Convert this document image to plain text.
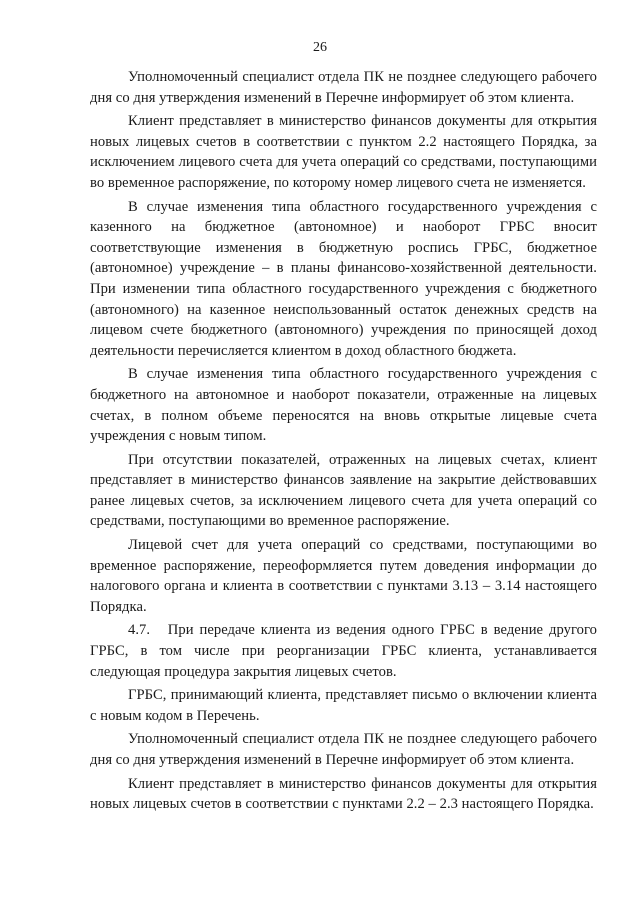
26

Уполномоченный специалист отдела ПК не позднее следующего рабочего дня со дня утверждения изменений в Перечне информирует об этом клиента.

Клиент представляет в министерство финансов документы для открытия новых лицевых счетов в соответствии с пунктом 2.2 настоящего Порядка, за исключением лицевого счета для учета операций со средствами, поступающими во временное распоряжение, по которому номер лицевого счета не изменяется.

В случае изменения типа областного государственного учреждения с казенного на бюджетное (автономное) и наоборот ГРБС вносит соответствующие изменения в бюджетную роспись ГРБС, бюджетное (автономное) учреждение – в планы финансово-хозяйственной деятельности. При изменении типа областного государственного учреждения с бюджетного (автономного) на казенное неиспользованный остаток денежных средств на лицевом счете бюджетного (автономного) учреждения по приносящей доход деятельности перечисляется клиентом в доход областного бюджета.

В случае изменения типа областного государственного учреждения с бюджетного на автономное и наоборот показатели, отраженные на лицевых счетах, в полном объеме переносятся на вновь открытые лицевые счета учреждения с новым типом.

При отсутствии показателей, отраженных на лицевых счетах, клиент представляет в министерство финансов заявление на закрытие действовавших ранее лицевых счетов, за исключением лицевого счета для учета операций со средствами, поступающими во временное распоряжение.

Лицевой счет для учета операций со средствами, поступающими во временное распоряжение, переоформляется путем доведения информации до налогового органа и клиента в соответствии с пунктами 3.13 – 3.14 настоящего Порядка.

4.7.   При передаче клиента из ведения одного ГРБС в ведение другого ГРБС, в том числе при реорганизации ГРБС клиента, устанавливается следующая процедура закрытия лицевых счетов.

ГРБС, принимающий клиента, представляет письмо о включении клиента с новым кодом в Перечень.

Уполномоченный специалист отдела ПК не позднее следующего рабочего дня со дня утверждения изменений в Перечне информирует об этом клиента.

Клиент представляет в министерство финансов документы для открытия новых лицевых счетов в соответствии с пунктами 2.2 – 2.3 настоящего Порядка.
